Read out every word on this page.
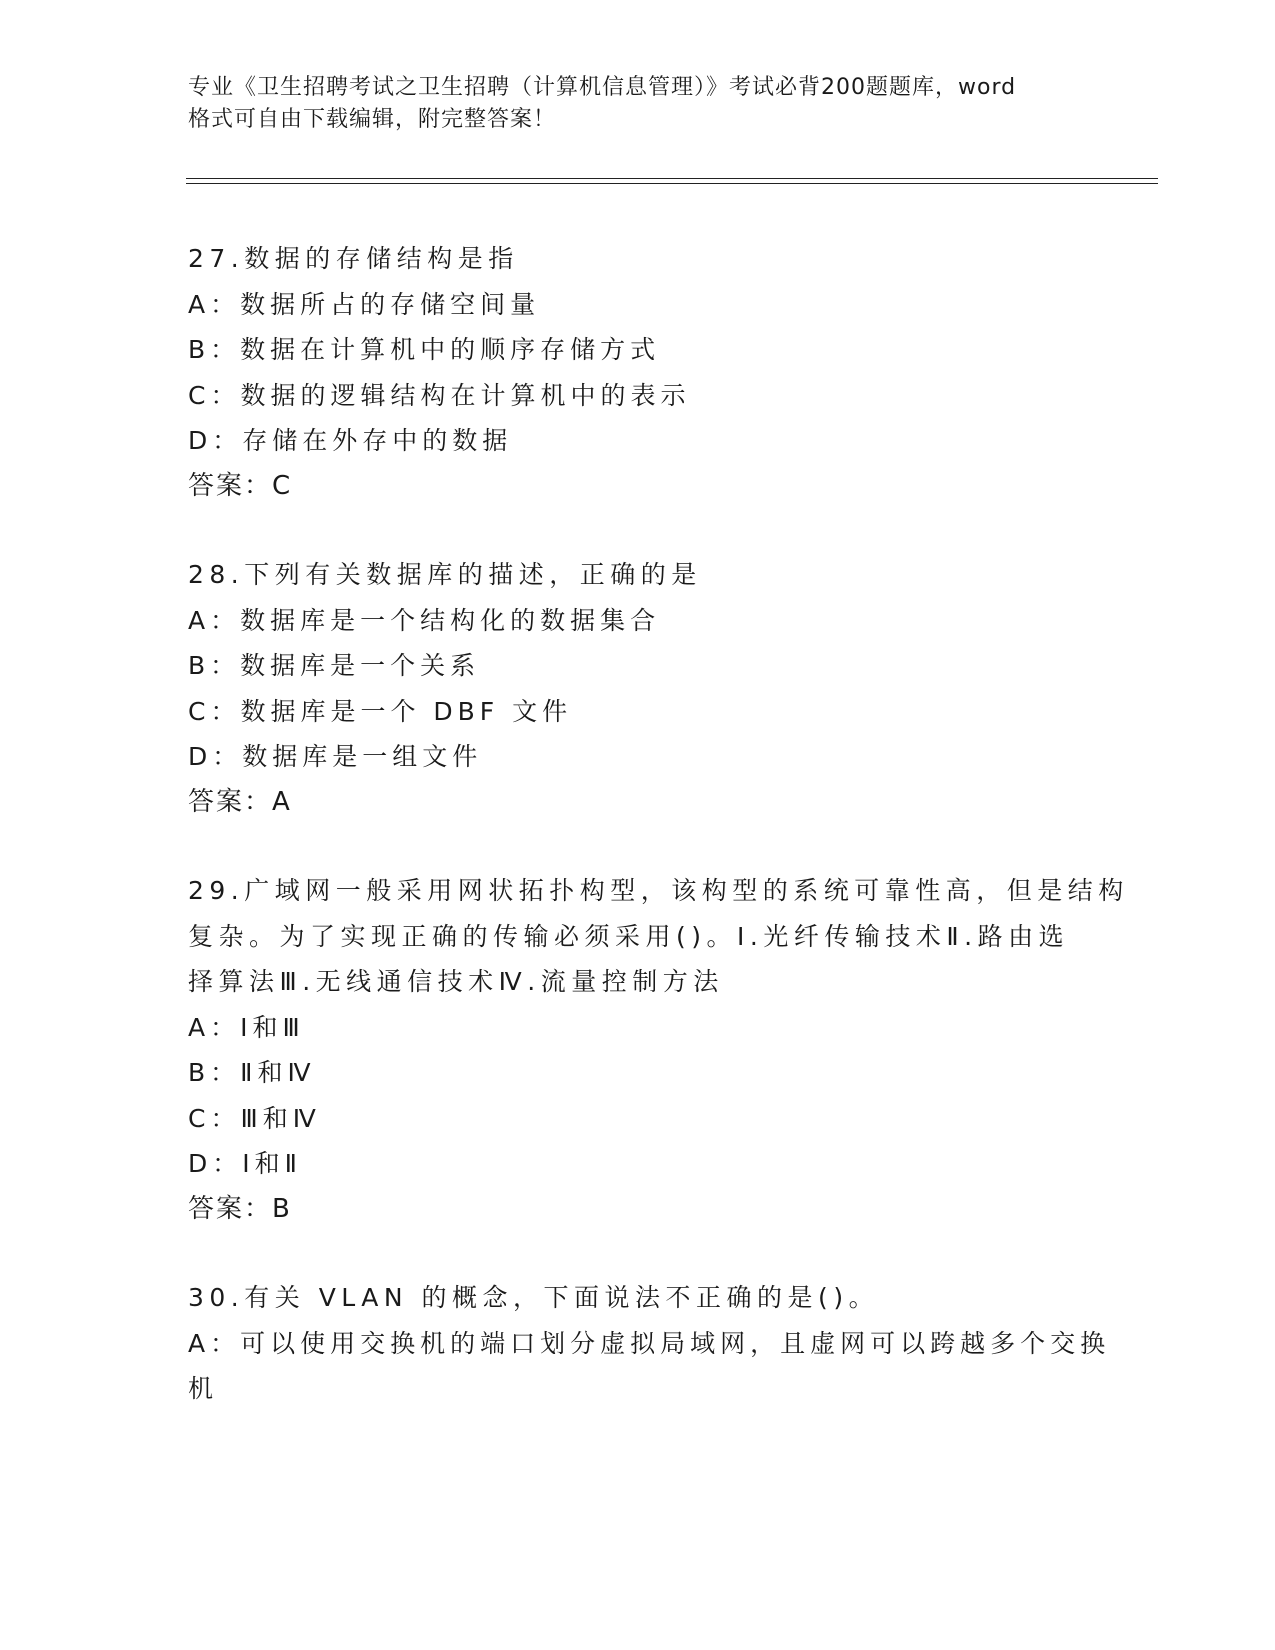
专业《卫生招聘考试之卫生招聘（计算机信息管理）》考试必背200题题库，word
格式可自由下载编辑，附完整答案！
27.数据的存储结构是指
A：数据所占的存储空间量
B：数据在计算机中的顺序存储方式
C：数据的逻辑结构在计算机中的表示
D：存储在外存中的数据
答案：C
28.下列有关数据库的描述，正确的是
A：数据库是一个结构化的数据集合
B：数据库是一个关系
C：数据库是一个 DBF 文件
D：数据库是一组文件
答案：A
29.广域网一般采用网状拓扑构型，该构型的系统可靠性高，但是结构
复杂。为了实现正确的传输必须采用()。Ⅰ.光纤传输技术Ⅱ.路由选
择算法Ⅲ.无线通信技术Ⅳ.流量控制方法
A：Ⅰ和Ⅲ
B：Ⅱ和Ⅳ
C：Ⅲ和Ⅳ
D：Ⅰ和Ⅱ
答案：B
30.有关 VLAN 的概念，下面说法不正确的是()。
A：可以使用交换机的端口划分虚拟局域网，且虚网可以跨越多个交换
机
